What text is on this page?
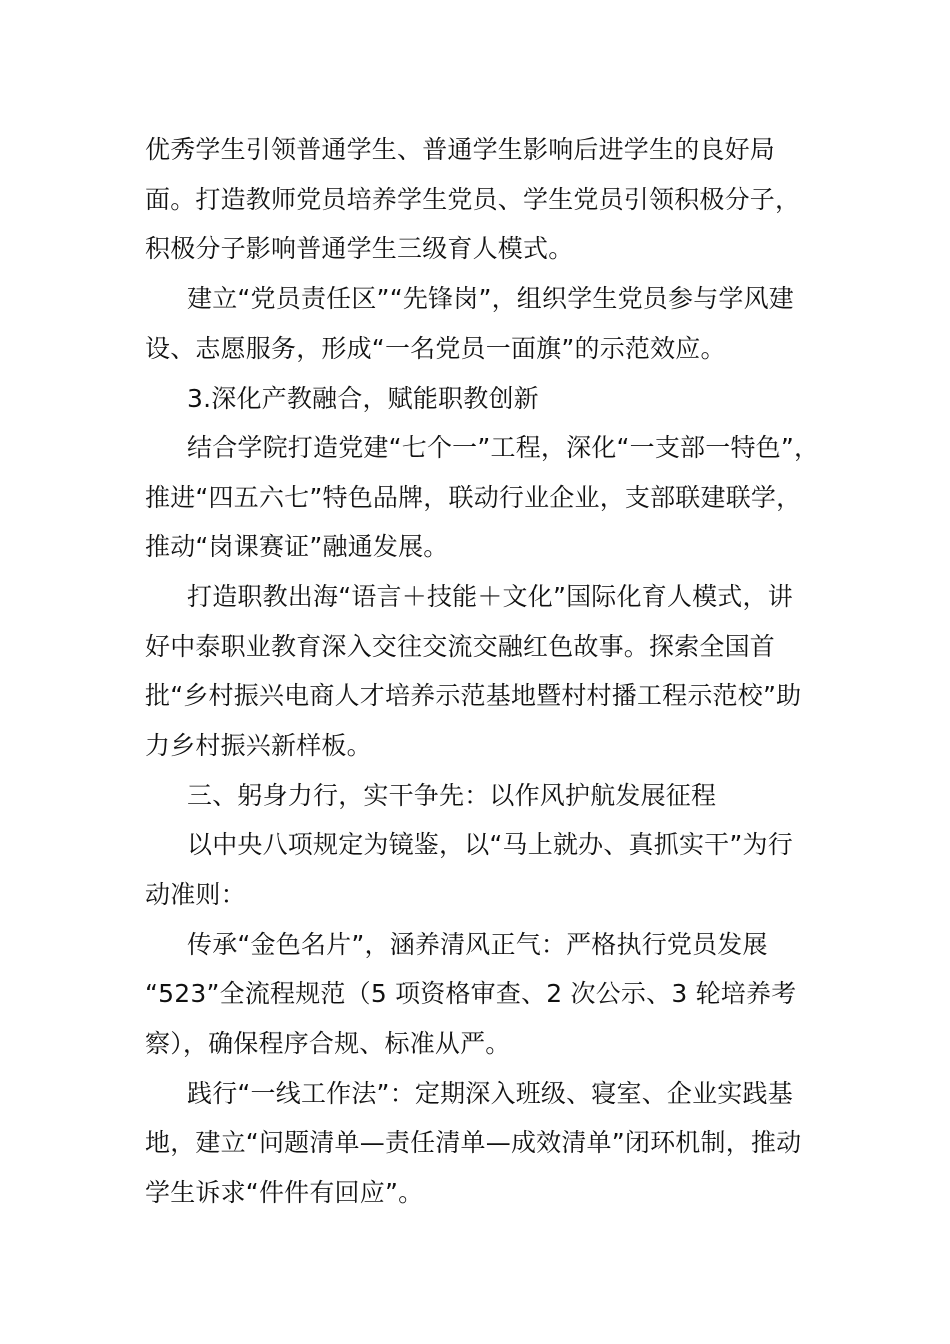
优秀学生引领普通学生、普通学生影响后进学生的良好局
面。打造教师党员培养学生党员、学生党员引领积极分子，
积极分子影响普通学生三级育人模式。
建立“党员责任区”“先锋岗”，组织学生党员参与学风建
设、志愿服务，形成“一名党员一面旗”的示范效应。
3.深化产教融合，赋能职教创新
结合学院打造党建“七个一”工程，深化“一支部一特色”，
推进“四五六七”特色品牌，联动行业企业，支部联建联学，
推动“岗课赛证”融通发展。
打造职教出海“语言＋技能＋文化”国际化育人模式，讲
好中泰职业教育深入交往交流交融红色故事。探索全国首
批“乡村振兴电商人才培养示范基地暨村村播工程示范校”助
力乡村振兴新样板。
三、躬身力行，实干争先：以作风护航发展征程
以中央八项规定为镜鉴，以“马上就办、真抓实干”为行
动准则：
传承“金色名片”，涵养清风正气：严格执行党员发展
“523”全流程规范（5 项资格审查、2 次公示、3 轮培养考
察），确保程序合规、标准从严。
践行“一线工作法”：定期深入班级、寝室、企业实践基
地，建立“问题清单—责任清单—成效清单”闭环机制，推动
学生诉求“件件有回应”。
